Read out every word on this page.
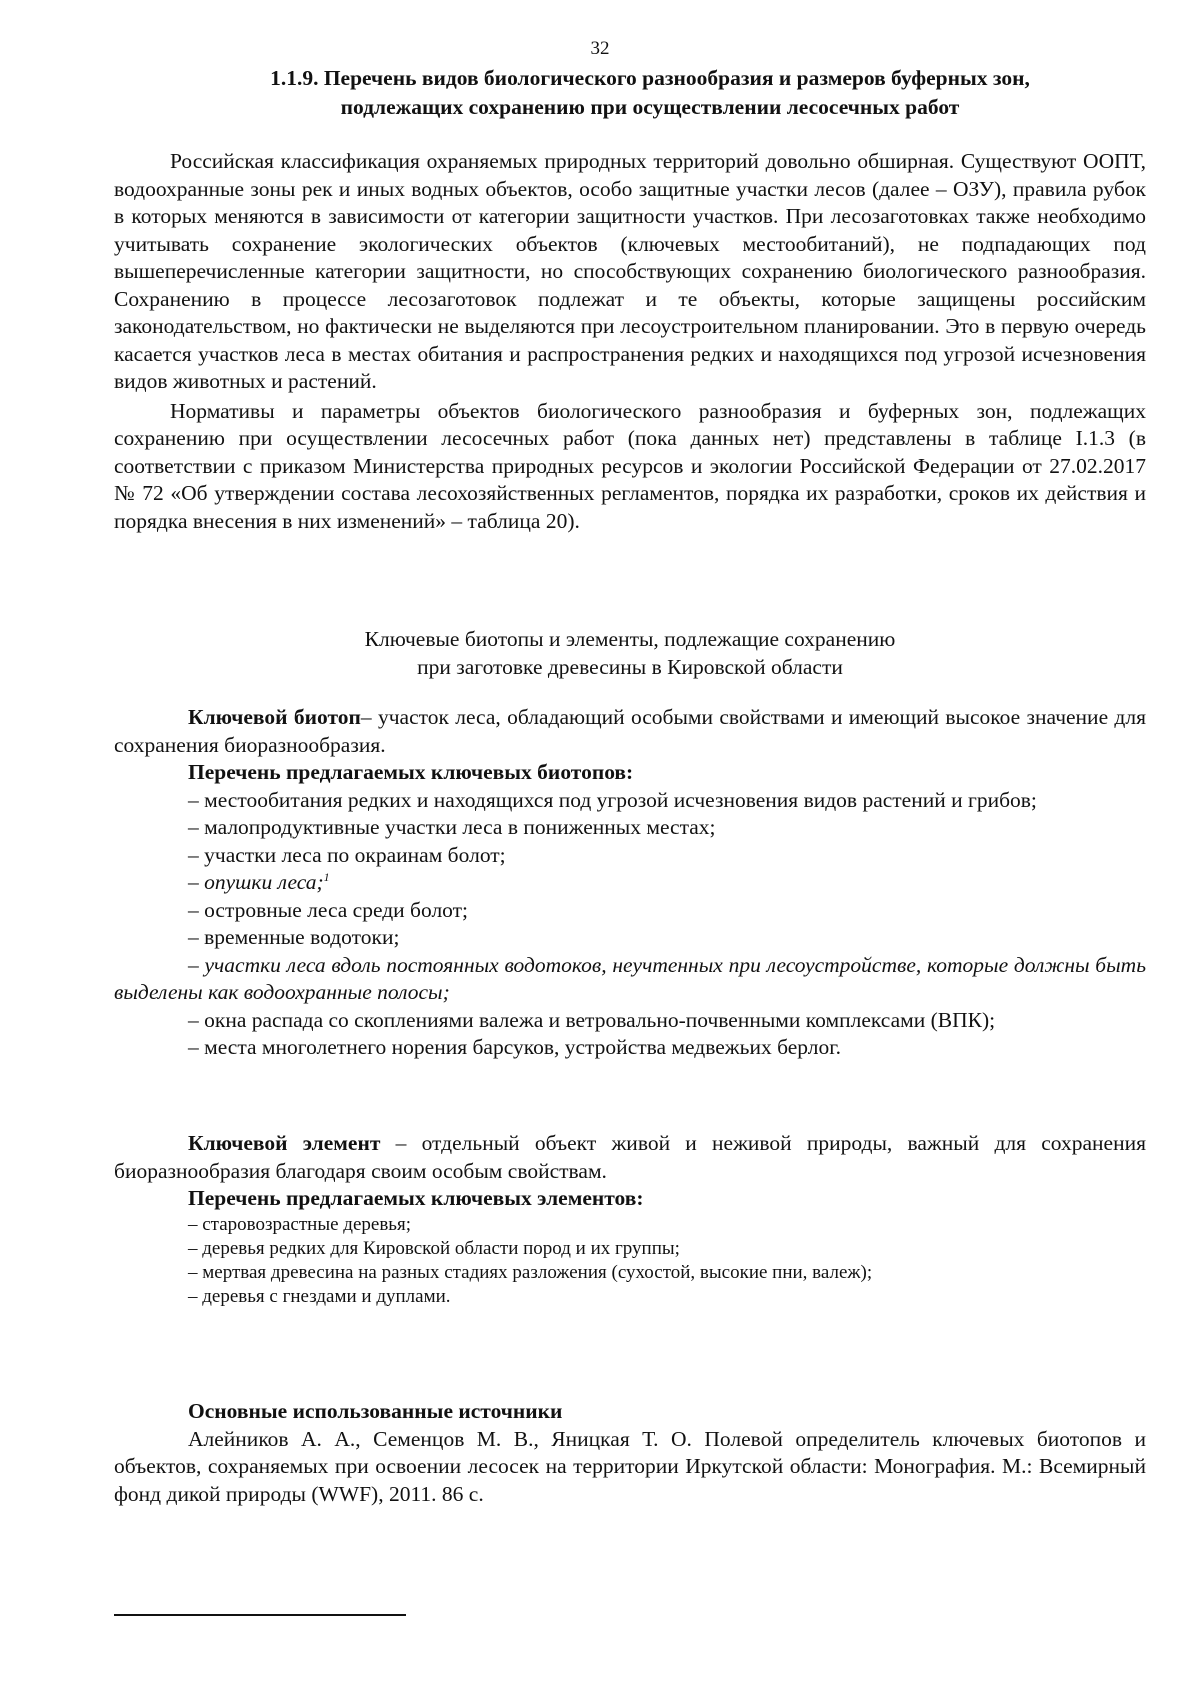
32
1.1.9. Перечень видов биологического разнообразия и размеров буферных зон,
подлежащих сохранению при осуществлении лесосечных работ

Российская классификация охраняемых природных территорий довольно обширная. Существуют ООПТ, водоохранные зоны рек и иных водных объектов, особо защитные участки лесов (далее – ОЗУ), правила рубок в которых меняются в зависимости от категории защитности участков. При лесозаготовках также необходимо учитывать сохранение экологических объектов (ключевых местообитаний), не подпадающих под вышеперечисленные категории защитности, но способствующих сохранению биологического разнообразия. Сохранению в процессе лесозаготовок подлежат и те объекты, которые защищены российским законодательством, но фактически не выделяются при лесоустроительном планировании. Это в первую очередь касается участков леса в местах обитания и распространения редких и находящихся под угрозой исчезновения видов животных и растений.

Нормативы и параметры объектов биологического разнообразия и буферных зон, подлежащих сохранению при осуществлении лесосечных работ (пока данных нет) представлены в таблице I.1.3 (в соответствии с приказом Министерства природных ресурсов и экологии Российской Федерации от 27.02.2017 № 72 «Об утверждении состава лесохозяйственных регламентов, порядка их разработки, сроков их действия и порядка внесения в них изменений» – таблица 20).

Ключевые биотопы и элементы, подлежащие сохранению
при заготовке древесины в Кировской области

Ключевой биотоп– участок леса, обладающий особыми свойствами и имеющий высокое значение для сохранения биоразнообразия.

Перечень предлагаемых ключевых биотопов:

– местообитания редких и находящихся под угрозой исчезновения видов растений и грибов;

– малопродуктивные участки леса в пониженных местах;

– участки леса по окраинам болот;

– опушки леса;$^1$

– островные леса среди болот;

– временные водотоки;

– участки леса вдоль постоянных водотоков, неучтенных при лесоустройстве, которые должны быть выделены как водоохранные полосы;

– окна распада со скоплениями валежа и ветровально-почвенными комплексами (ВПК);

– места многолетнего норения барсуков, устройства медвежьих берлог.

Ключевой элемент – отдельный объект живой и неживой природы, важный для сохранения биоразнообразия благодаря своим особым свойствам.

Перечень предлагаемых ключевых элементов:

– старовозрастные деревья;

– деревья редких для Кировской области пород и их группы;

– мертвая древесина на разных стадиях разложения (сухостой, высокие пни, валеж);

– деревья с гнездами и дуплами.

Основные использованные источники

Алейников А. А., Семенцов М. В., Яницкая Т. О. Полевой определитель ключевых биотопов и объектов, сохраняемых при освоении лесосек на территории Иркутской области: Монография. М.: Всемирный фонд дикой природы (WWF), 2011. 86 с.
